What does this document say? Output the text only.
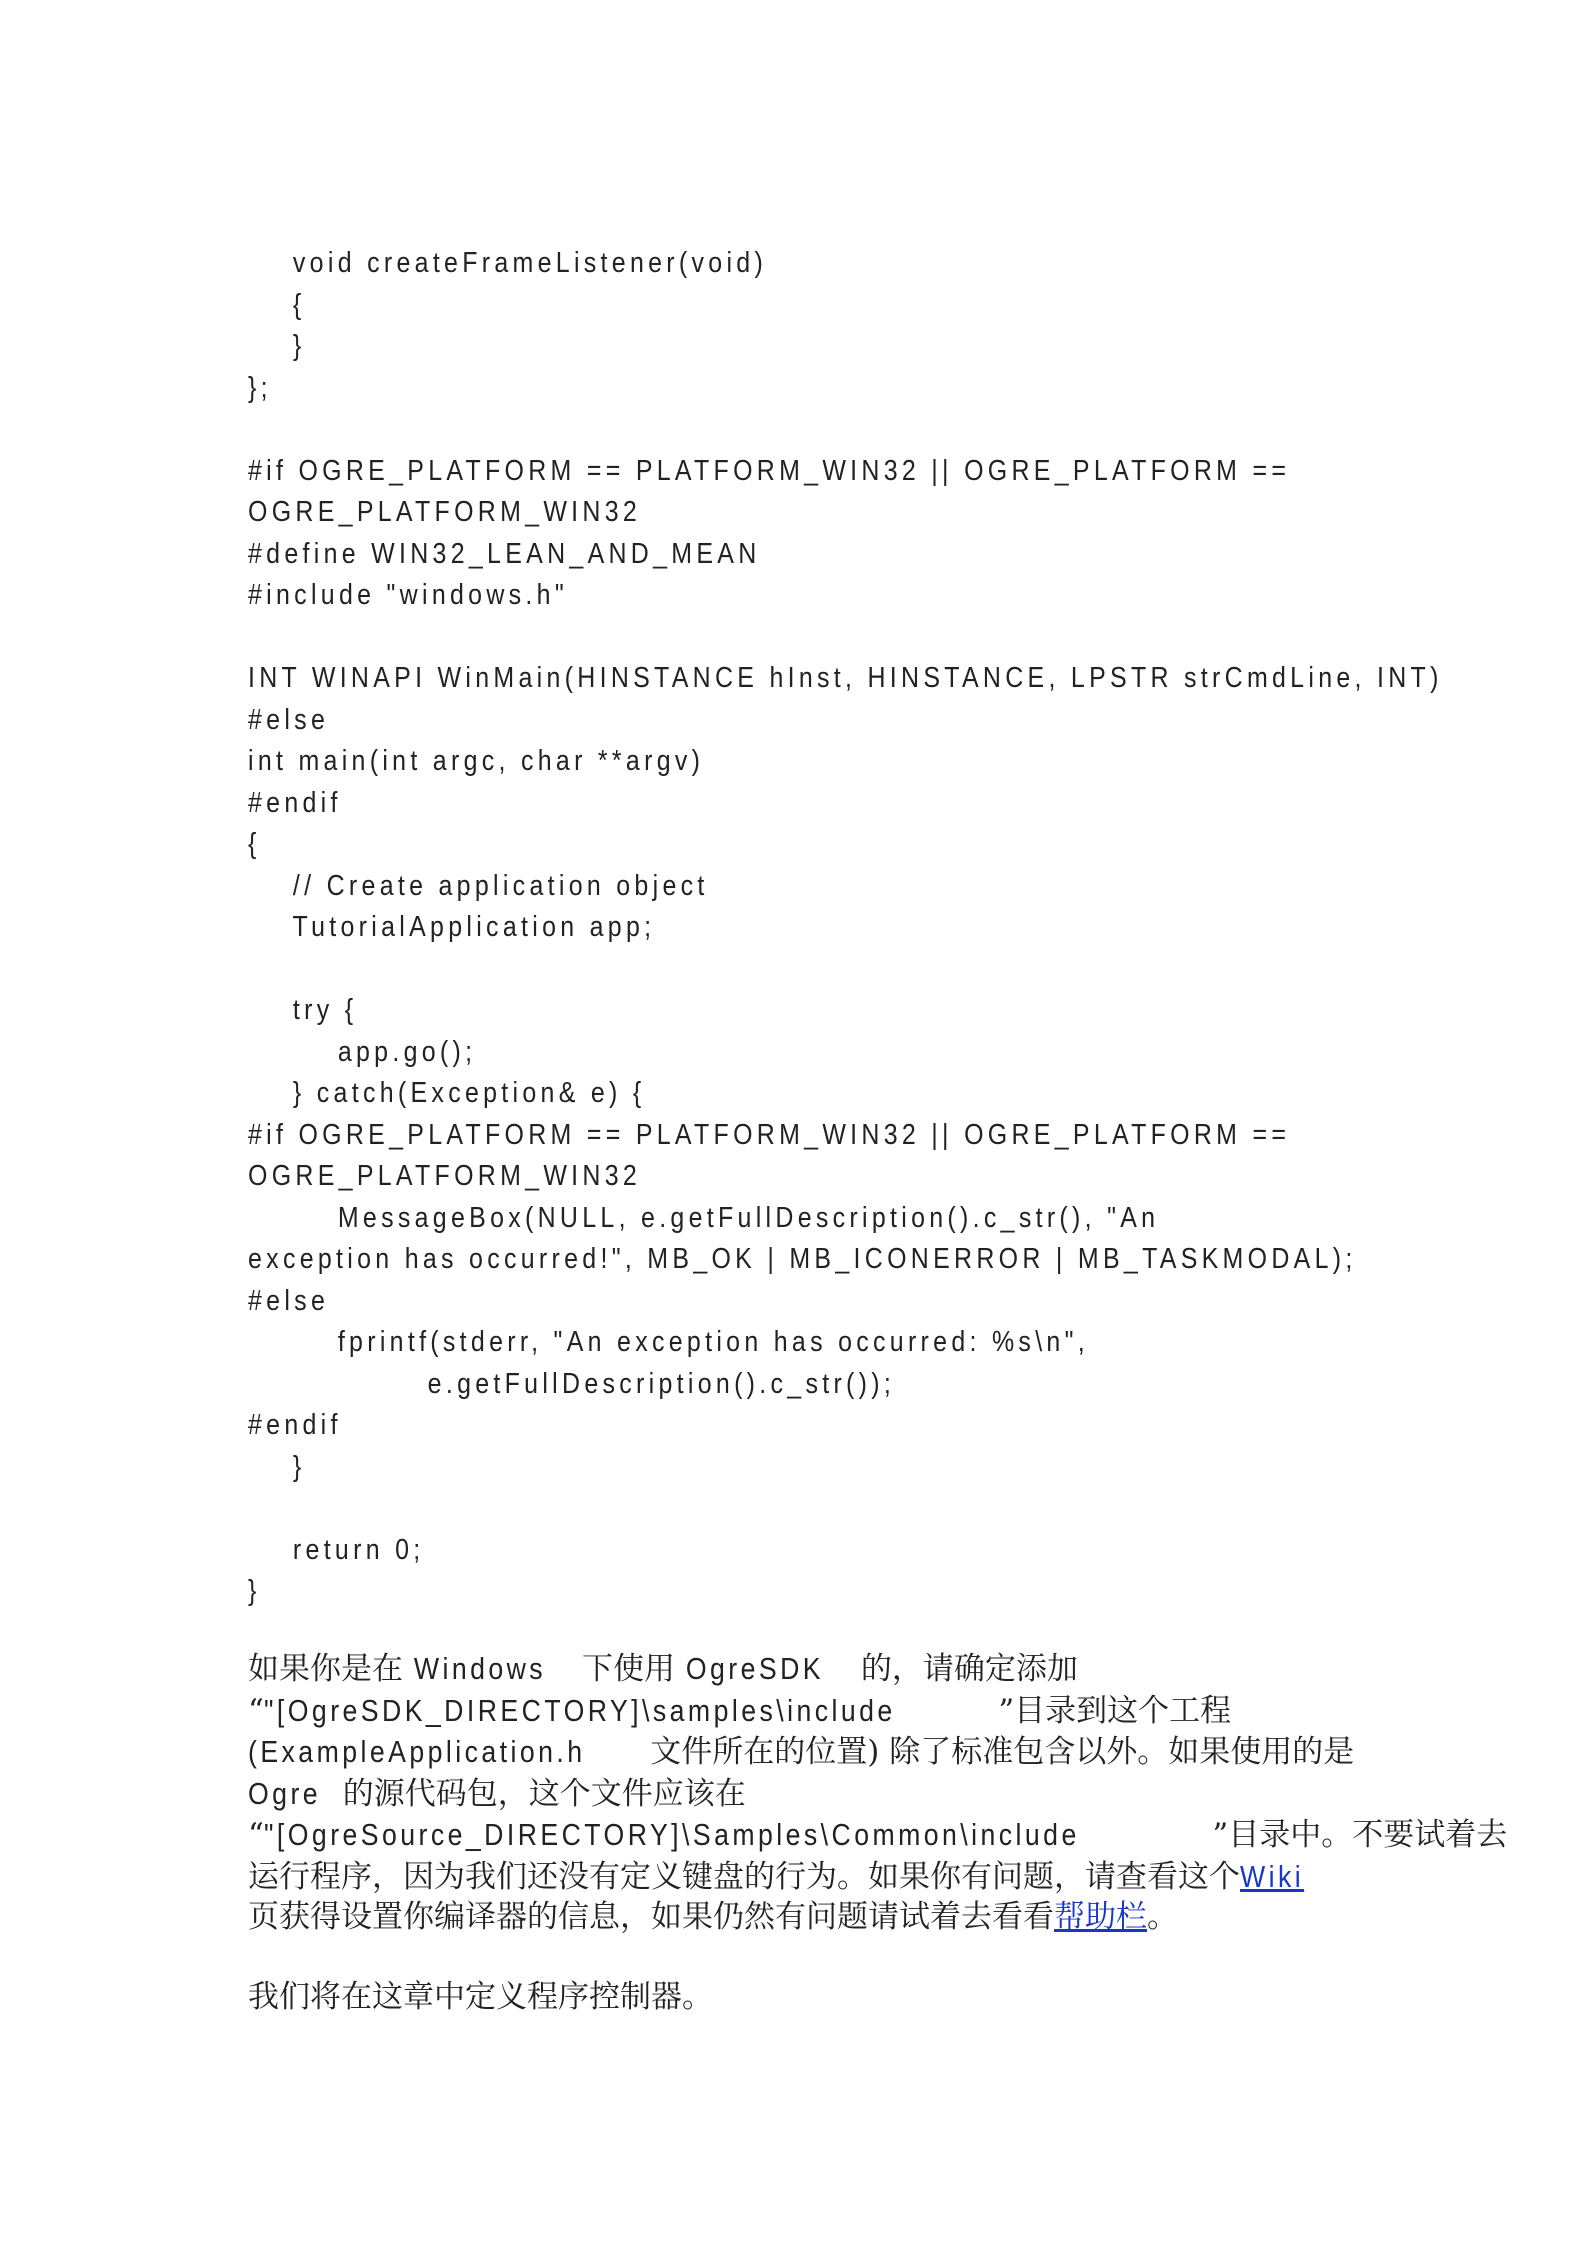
void createFrameListener(void)
{
}
};
#if OGRE_PLATFORM == PLATFORM_WIN32 || OGRE_PLATFORM ==
OGRE_PLATFORM_WIN32
#define WIN32_LEAN_AND_MEAN
#include "windows.h"
INT WINAPI WinMain(HINSTANCE hInst, HINSTANCE, LPSTR strCmdLine, INT)
#else
int main(int argc, char **argv)
#endif
{
// Create application object
TutorialApplication app;
try {
app.go();
} catch(Exception& e) {
#if OGRE_PLATFORM == PLATFORM_WIN32 || OGRE_PLATFORM ==
OGRE_PLATFORM_WIN32
MessageBox(NULL, e.getFullDescription().c_str(), "An
exception has occurred!", MB_OK | MB_ICONERROR | MB_TASKMODAL);
#else
fprintf(stderr, "An exception has occurred: %s\n",
e.getFullDescription().c_str());
#endif
}
return 0;
}
如果你是在 Windows 下使用 OgreSDK 的，请确定添加
“"[OgreSDK_DIRECTORY]\samples\include	”目录到这个工程
(ExampleApplication.h 文件所在的位置) 除了标准包含以外。如果使用的是
Ogre 的源代码包，这个文件应该在
“"[OgreSource_DIRECTORY]\Samples\Common\include	”目录中。不要试着去
运行程序，因为我们还没有定义键盘的行为。如果你有问题，请查看这个Wiki
页获得设置你编译器的信息，如果仍然有问题请试着去看看帮助栏。
我们将在这章中定义程序控制器。
